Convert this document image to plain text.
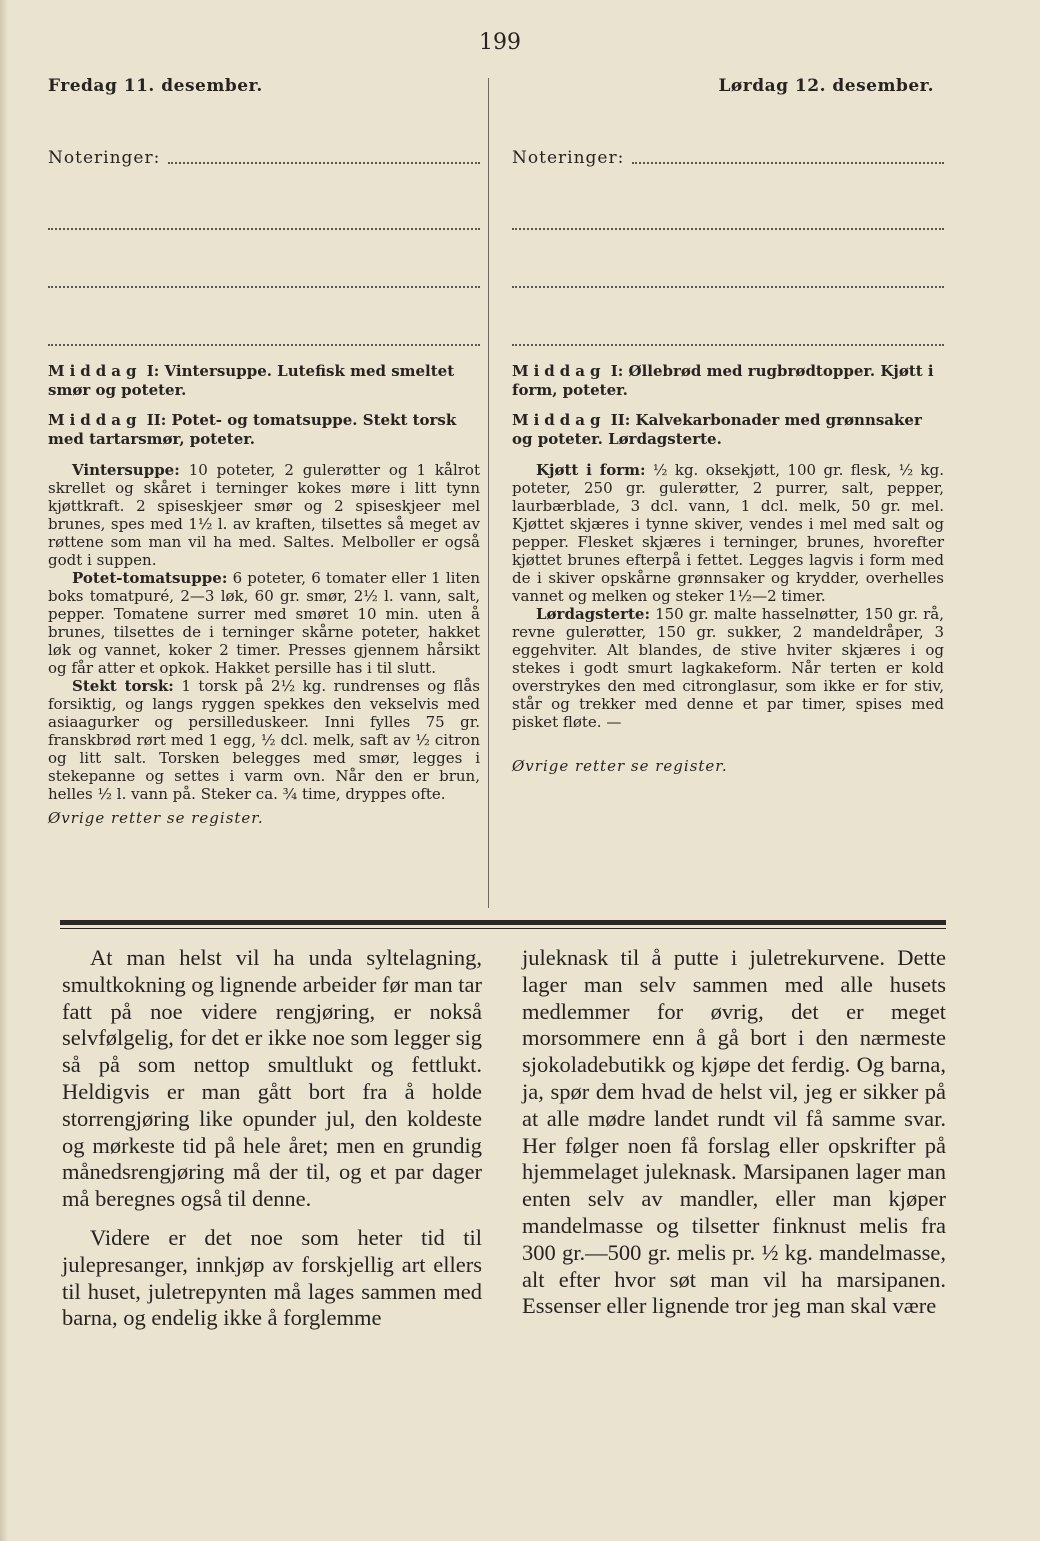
199
Fredag 11. desember.
Noteringer:

Middag I: Vintersuppe. Lutefisk med smeltet smør og poteter.

Middag II: Potet- og tomatsuppe. Stekt torsk med tartarsmør, poteter.

Vintersuppe: 10 poteter, 2 gulerøtter og 1 kålrot skrellet og skåret i terninger kokes møre i litt tynn kjøttkraft. 2 spiseskjeer smør og 2 spiseskjeer mel brunes, spes med 1½ l. av kraften, tilsettes så meget av røttene som man vil ha med. Saltes. Melboller er også godt i suppen.

Potet-tomatsuppe: 6 poteter, 6 tomater eller 1 liten boks tomatpuré, 2—3 løk, 60 gr. smør, 2½ l. vann, salt, pepper. Tomatene surrer med smøret 10 min. uten å brunes, tilsettes de i terninger skårne poteter, hakket løk og vannet, koker 2 timer. Presses gjennem hårsikt og får atter et opkok. Hakket persille has i til slutt.

Stekt torsk: 1 torsk på 2½ kg. rundrenses og flås forsiktig, og langs ryggen spekkes den vekselvis med asiaagurker og persilleduskeer. Inni fylles 75 gr. franskbrød rørt med 1 egg, ½ dcl. melk, saft av ½ citron og litt salt. Torsken belegges med smør, legges i stekepanne og settes i varm ovn. Når den er brun, helles ½ l. vann på. Steker ca. ¾ time, dryppes ofte.

Øvrige retter se register.
Lørdag 12. desember.
Noteringer:

Middag I: Øllebrød med rugbrødtopper. Kjøtt i form, poteter.

Middag II: Kalvekarbonader med grønnsaker og poteter. Lørdagsterte.

Kjøtt i form: ½ kg. oksekjøtt, 100 gr. flesk, ½ kg. poteter, 250 gr. gulerøtter, 2 purrer, salt, pepper, laurbærblade, 3 dcl. vann, 1 dcl. melk, 50 gr. mel. Kjøttet skjæres i tynne skiver, vendes i mel med salt og pepper. Flesket skjæres i terninger, brunes, hvorefter kjøttet brunes efterpå i fettet. Legges lagvis i form med de i skiver opskårne grønnsaker og krydder, overhelles vannet og melken og steker 1½—2 timer.

Lørdagsterte: 150 gr. malte hasselnøtter, 150 gr. rå, revne gulerøtter, 150 gr. sukker, 2 mandeldråper, 3 eggehviter. Alt blandes, de stive hviter skjæres i og stekes i godt smurt lagkakeform. Når terten er kold overstrykes den med citronglasur, som ikke er for stiv, står og trekker med denne et par timer, spises med pisket fløte. —

Øvrige retter se register.

At man helst vil ha unda syltelagning, smultkokning og lignende arbeider før man tar fatt på noe videre rengjøring, er nokså selvfølgelig, for det er ikke noe som legger sig så på som nettop smultlukt og fettlukt. Heldigvis er man gått bort fra å holde storrengjøring like opunder jul, den koldeste og mørkeste tid på hele året; men en grundig månedsrengjøring må der til, og et par dager må beregnes også til denne.

Videre er det noe som heter tid til julepresanger, innkjøp av forskjellig art ellers til huset, juletrepynten må lages sammen med barna, og endelig ikke å forglemme

juleknask til å putte i juletrekurvene. Dette lager man selv sammen med alle husets medlemmer for øvrig, det er meget morsommere enn å gå bort i den nærmeste sjokoladebutikk og kjøpe det ferdig. Og barna, ja, spør dem hvad de helst vil, jeg er sikker på at alle mødre landet rundt vil få samme svar. Her følger noen få forslag eller opskrifter på hjemmelaget juleknask. Marsipanen lager man enten selv av mandler, eller man kjøper mandelmasse og tilsetter finknust melis fra 300 gr.—500 gr. melis pr. ½ kg. mandelmasse, alt efter hvor søt man vil ha marsipanen. Essenser eller lignende tror jeg man skal være
